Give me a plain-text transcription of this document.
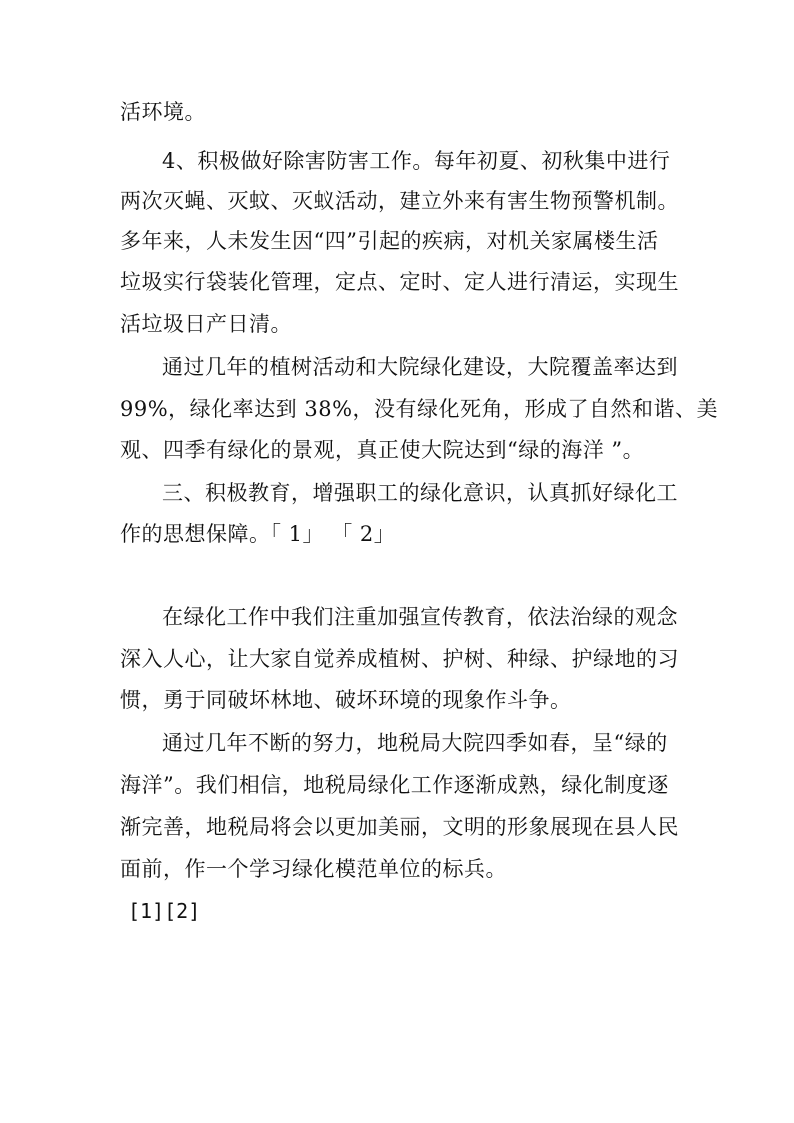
活环境。
4、积极做好除害防害工作。每年初夏、初秋集中进行
两次灭蝇、灭蚊、灭蚁活动，建立外来有害生物预警机制。
多年来，人未发生因“四”引起的疾病，对机关家属楼生活
垃圾实行袋装化管理，定点、定时、定人进行清运，实现生
活垃圾日产日清。
通过几年的植树活动和大院绿化建设，大院覆盖率达到
99%，绿化率达到 38%，没有绿化死角，形成了自然和谐、美
观、四季有绿化的景观，真正使大院达到“绿的海洋 ”。
三、积极教育，增强职工的绿化意识，认真抓好绿化工
作的思想保障。「 1」 「 2」
在绿化工作中我们注重加强宣传教育，依法治绿的观念
深入人心，让大家自觉养成植树、护树、种绿、护绿地的习
惯，勇于同破坏林地、破坏环境的现象作斗争。
通过几年不断的努力，地税局大院四季如春，呈“绿的
海洋”。我们相信，地税局绿化工作逐渐成熟，绿化制度逐
渐完善，地税局将会以更加美丽，文明的形象展现在县人民
面前，作一个学习绿化模范单位的标兵。
[1][2]
